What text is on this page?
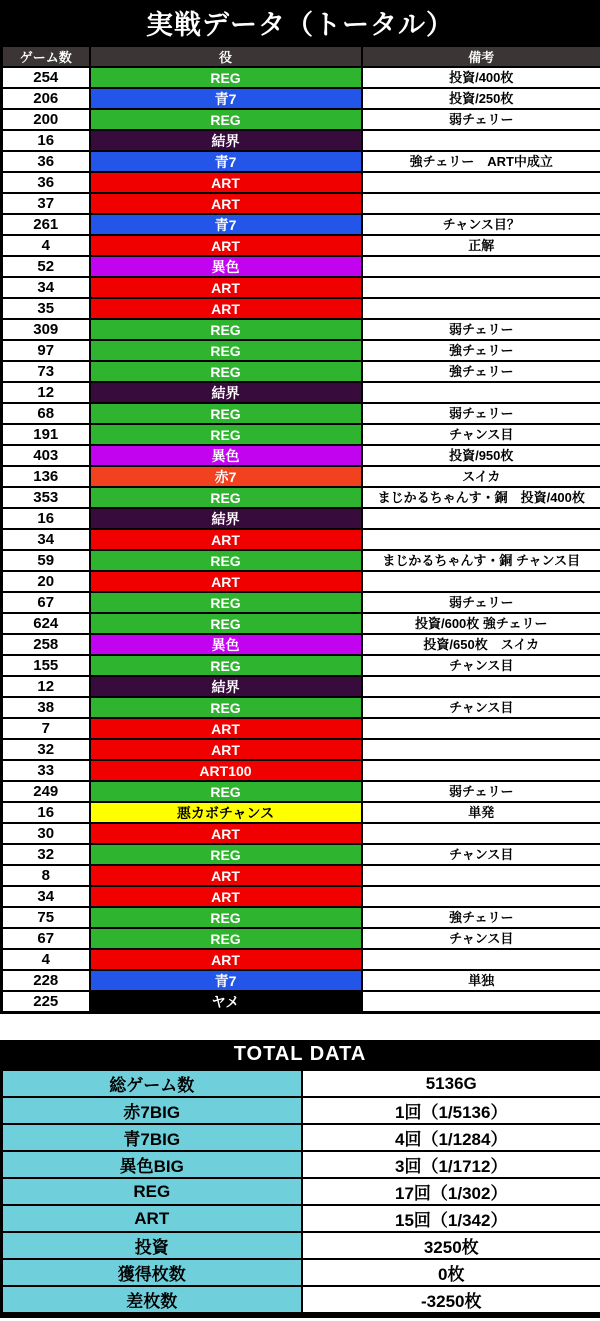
実戦データ（トータル）
ゲーム数	役	備考
254	REG	投資/400枚
206	青7	投資/250枚
200	REG	弱チェリー
16	結界	
36	青7	強チェリー　ART中成立
36	ART	
37	ART	
261	青7	チャンス目？
4	ART	正解
52	異色	
34	ART	
35	ART	
309	REG	弱チェリー
97	REG	強チェリー
73	REG	強チェリー
12	結界	
68	REG	弱チェリー
191	REG	チャンス目
403	異色	投資/950枚
136	赤7	スイカ
353	REG	まじかるちゃんす・銅　投資/400枚
16	結界	
34	ART	
59	REG	まじかるちゃんす・銅 チャンス目
20	ART	
67	REG	弱チェリー
624	REG	投資/600枚 強チェリー
258	異色	投資/650枚　スイカ
155	REG	チャンス目
12	結界	
38	REG	チャンス目
7	ART	
32	ART	
33	ART100	
249	REG	弱チェリー
16	悪カボチャンス	単発
30	ART	
32	REG	チャンス目
8	ART	
34	ART	
75	REG	強チェリー
67	REG	チャンス目
4	ART	
228	青7	単独
225	ヤメ	
TOTAL DATA
総ゲーム数	5136G
赤7BIG	1回（1/5136）
青7BIG	4回（1/1284）
異色BIG	3回（1/1712）
REG	17回（1/302）
ART	15回（1/342）
投資	3250枚
獲得枚数	0枚
差枚数	-3250枚
